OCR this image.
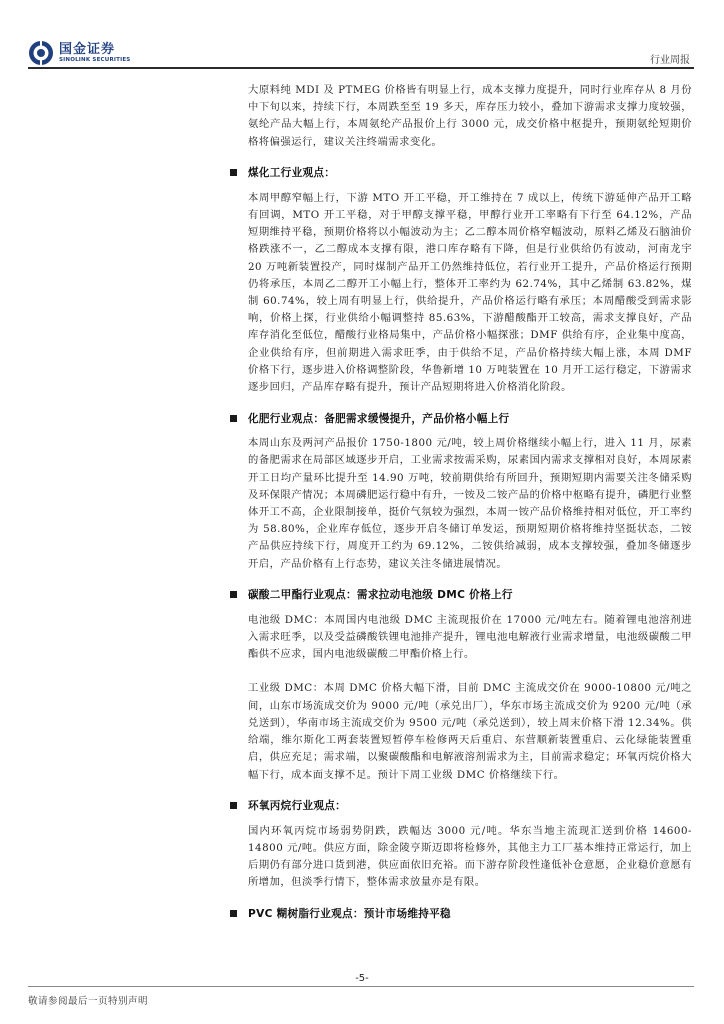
国金证券
SINOLINK SECURITIES	行业周报

大原料纯 MDI 及 PTMEG 价格皆有明显上行，成本支撑力度提升，同时行业库存从 8 月份中下旬以来，持续下行，本周跌至至 19 多天，库存压力较小，叠加下游需求支撑力度较强，氨纶产品大幅上行，本周氨纶产品报价上行 3000 元，成交价格中枢提升，预期氨纶短期价格将偏强运行，建议关注终端需求变化。

煤化工行业观点：

本周甲醇窄幅上行，下游 MTO 开工平稳，开工维持在 7 成以上，传统下游延伸产品开工略有回调，MTO 开工平稳，对于甲醇支撑平稳，甲醇行业开工率略有下行至 64.12%，产品短期维持平稳，预期价格将以小幅波动为主；乙二醇本周价格窄幅波动，原料乙烯及石脑油价格跌涨不一，乙二醇成本支撑有限，港口库存略有下降，但是行业供给仍有波动，河南龙宇 20 万吨新装置投产，同时煤制产品开工仍然维持低位，若行业开工提升，产品价格运行预期仍将承压，本周乙二醇开工小幅上行，整体开工率约为 62.74%，其中乙烯制 63.82%，煤制 60.74%，较上周有明显上行，供给提升，产品价格运行略有承压；本周醋酸受到需求影响，价格上探，行业供给小幅调整持 85.63%，下游醋酸酯开工较高，需求支撑良好，产品库存消化至低位，醋酸行业格局集中，产品价格小幅探涨；DMF 供给有序，企业集中度高，企业供给有序，但前期进入需求旺季，由于供给不足，产品价格持续大幅上涨，本周 DMF 价格下行，逐步进入价格调整阶段，华鲁新增 10 万吨装置在 10 月开工运行稳定，下游需求逐步回归，产品库存略有提升，预计产品短期将进入价格消化阶段。

化肥行业观点：备肥需求缓慢提升，产品价格小幅上行

本周山东及两河产品报价 1750-1800 元/吨，较上周价格继续小幅上行，进入 11 月，尿素的备肥需求在局部区域逐步开启，工业需求按需采购，尿素国内需求支撑相对良好，本周尿素开工日均产量环比提升至 14.90 万吨，较前期供给有所回升，预期短期内需要关注冬储采购及环保限产情况；本周磷肥运行稳中有升，一铵及二铵产品的价格中枢略有提升，磷肥行业整体开工不高，企业限制接单，挺价气氛较为强烈，本周一铵产品价格维持相对低位，开工率约为 58.80%，企业库存低位，逐步开启冬储订单发运，预期短期价格将维持坚挺状态，二铵产品供应持续下行，周度开工约为 69.12%，二铵供给减弱，成本支撑较强，叠加冬储逐步开启，产品价格有上行态势，建议关注冬储进展情况。

碳酸二甲酯行业观点：需求拉动电池级 DMC 价格上行

电池级 DMC：本周国内电池级 DMC 主流现报价在 17000 元/吨左右。随着锂电池溶剂进入需求旺季，以及受益磷酸铁锂电池排产提升，锂电池电解液行业需求增量，电池级碳酸二甲酯供不应求，国内电池级碳酸二甲酯价格上行。

工业级 DMC：本周 DMC 价格大幅下滑，目前 DMC 主流成交价在 9000-10800 元/吨之间，山东市场流成交价为 9000 元/吨（承兑出厂），华东市场主流成交价为 9200 元/吨（承兑送到），华南市场主流成交价为 9500 元/吨（承兑送到），较上周末价格下滑 12.34%。供给端，维尔斯化工两套装置短暂停车检修两天后重启、东营顺新装置重启、云化绿能装置重启，供应充足；需求端，以聚碳酸酯和电解液溶剂需求为主，目前需求稳定；环氧丙烷价格大幅下行，成本面支撑不足。预计下周工业级 DMC 价格继续下行。

环氧丙烷行业观点：

国内环氧丙烷市场弱势阴跌，跌幅达 3000 元/吨。华东当地主流现汇送到价格 14600-14800 元/吨。供应方面，除金陵亨斯迈即将检修外，其他主力工厂基本维持正常运行，加上后期仍有部分进口货到港，供应面依旧充裕。而下游存阶段性逢低补仓意愿，企业稳价意愿有所增加，但淡季行情下，整体需求放量亦是有限。

PVC 糊树脂行业观点：预计市场维持平稳
-5-
敬请参阅最后一页特别声明
